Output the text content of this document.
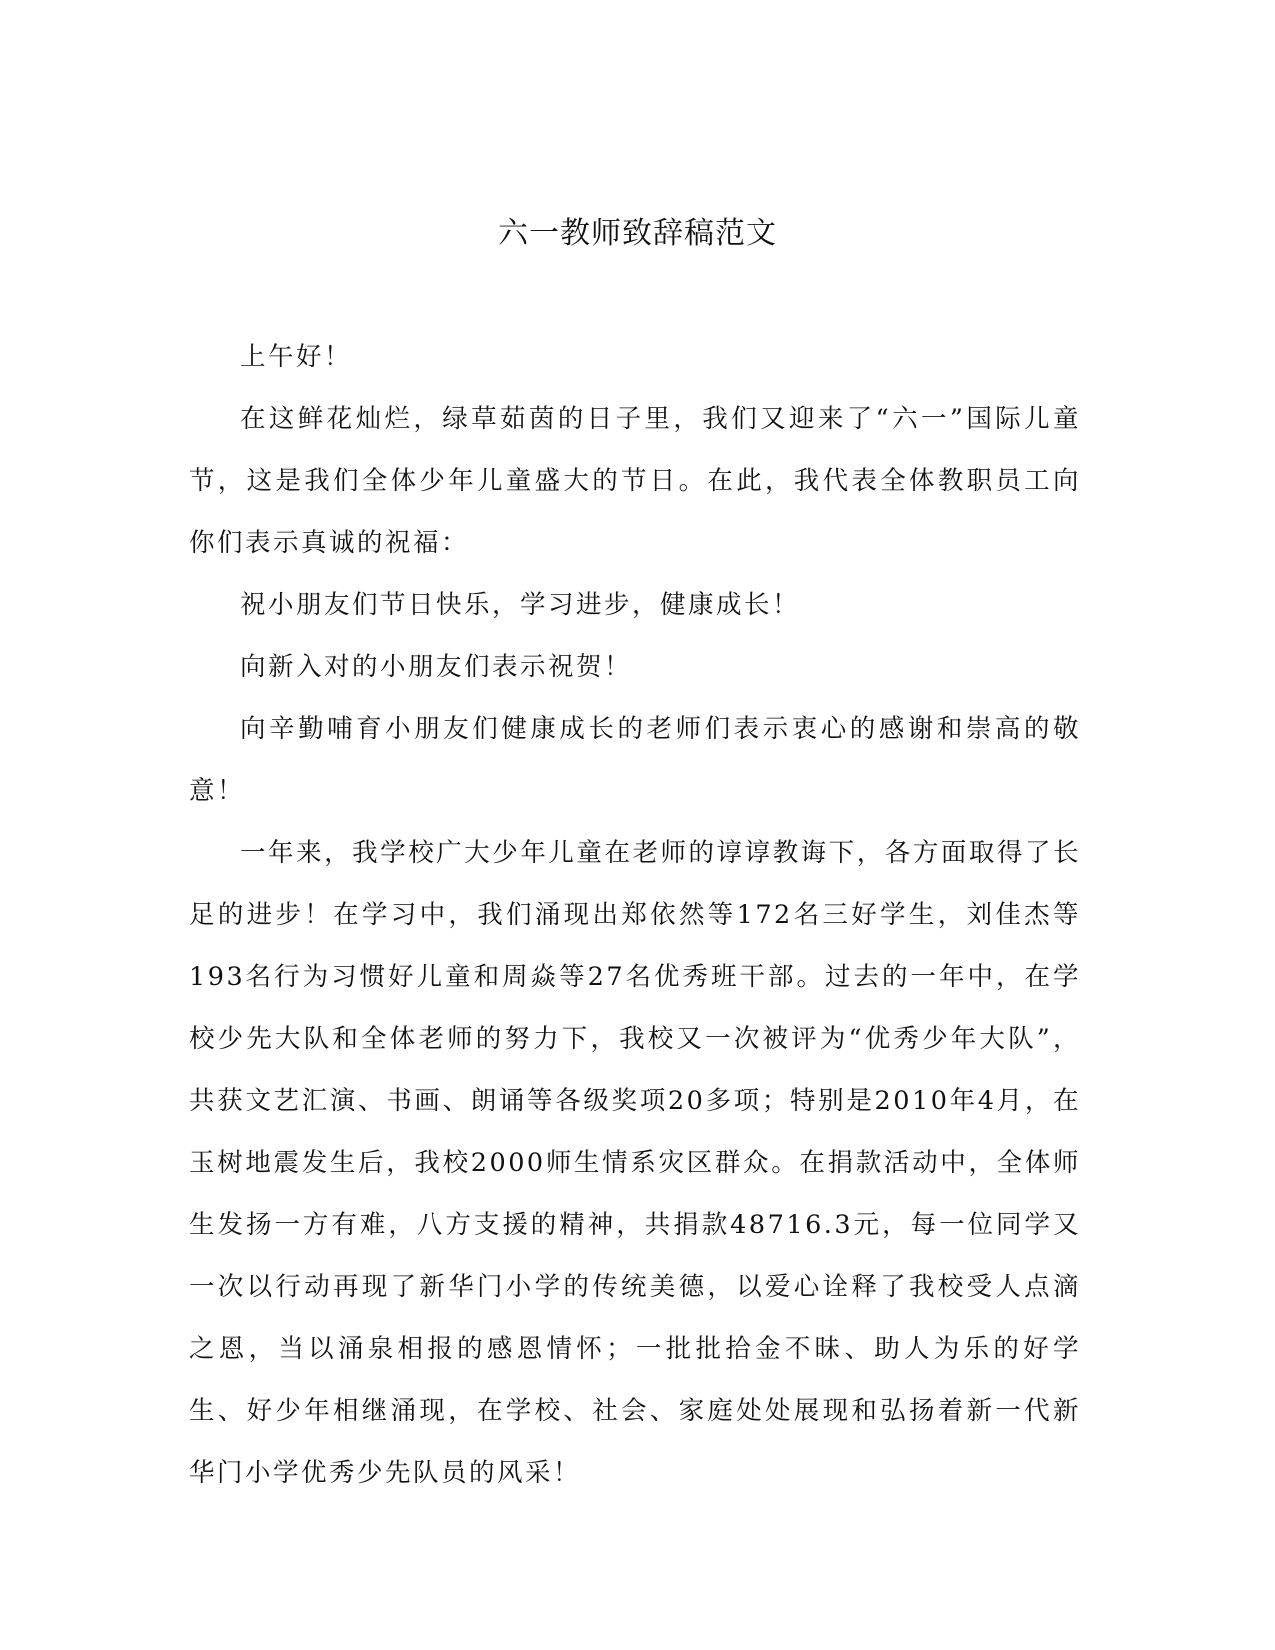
六一教师致辞稿范文

上午好！

在这鲜花灿烂，绿草茹茵的日子里，我们又迎来了“六一”国际儿童节，这是我们全体少年儿童盛大的节日。在此，我代表全体教职员工向你们表示真诚的祝福：

祝小朋友们节日快乐，学习进步，健康成长！

向新入对的小朋友们表示祝贺！

向辛勤哺育小朋友们健康成长的老师们表示衷心的感谢和崇高的敬意！

一年来，我学校广大少年儿童在老师的谆谆教诲下，各方面取得了长足的进步！在学习中，我们涌现出郑依然等172名三好学生，刘佳杰等193名行为习惯好儿童和周焱等27名优秀班干部。过去的一年中，在学校少先大队和全体老师的努力下，我校又一次被评为“优秀少年大队”，共获文艺汇演、书画、朗诵等各级奖项20多项；特别是2010年4月，在玉树地震发生后，我校2000师生情系灾区群众。在捐款活动中，全体师生发扬一方有难，八方支援的精神，共捐款48716.3元，每一位同学又一次以行动再现了新华门小学的传统美德，以爱心诠释了我校受人点滴之恩，当以涌泉相报的感恩情怀；一批批拾金不昧、助人为乐的好学生、好少年相继涌现，在学校、社会、家庭处处展现和弘扬着新一代新华门小学优秀少先队员的风采！
